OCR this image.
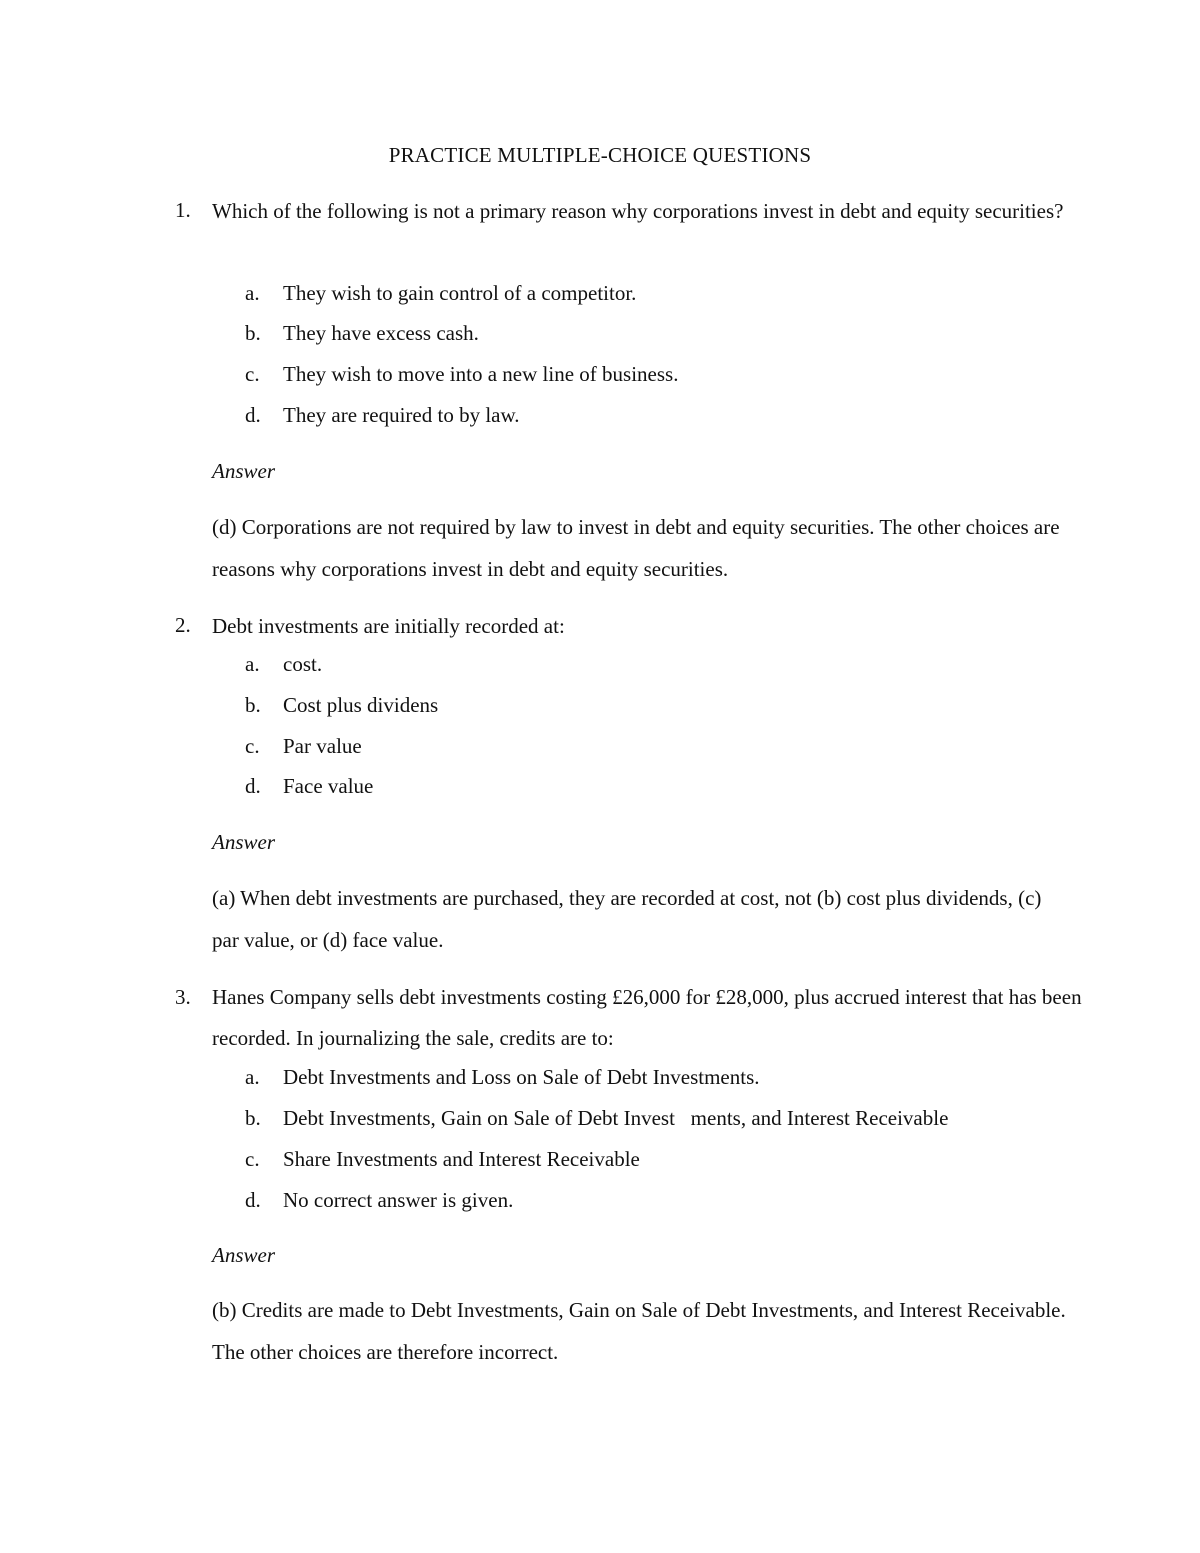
PRACTICE MULTIPLE-CHOICE QUESTIONS
1.	Which of the following is not a primary reason why corporations invest in debt and equity securities?
a. They wish to gain control of a competitor.
b. They have excess cash.
c. They wish to move into a new line of business.
d. They are required to by law.
Answer
(d) Corporations are not required by law to invest in debt and equity securities. The other choices are reasons why corporations invest in debt and equity securities.
2.	Debt investments are initially recorded at:
a. cost.
b. Cost plus dividens
c. Par value
d. Face value
Answer
(a) When debt investments are purchased, they are recorded at cost, not (b) cost plus dividends, (c) par value, or (d) face value.
3.	Hanes Company sells debt investments costing £26,000 for £28,000, plus accrued interest that has been recorded. In journalizing the sale, credits are to:
a. Debt Investments and Loss on Sale of Debt Investments.
b. Debt Investments, Gain on Sale of Debt Invest   ments, and Interest Receivable
c. Share Investments and Interest Receivable
d. No correct answer is given.
Answer
(b) Credits are made to Debt Investments, Gain on Sale of Debt Investments, and Interest Receivable. The other choices are therefore incorrect.
